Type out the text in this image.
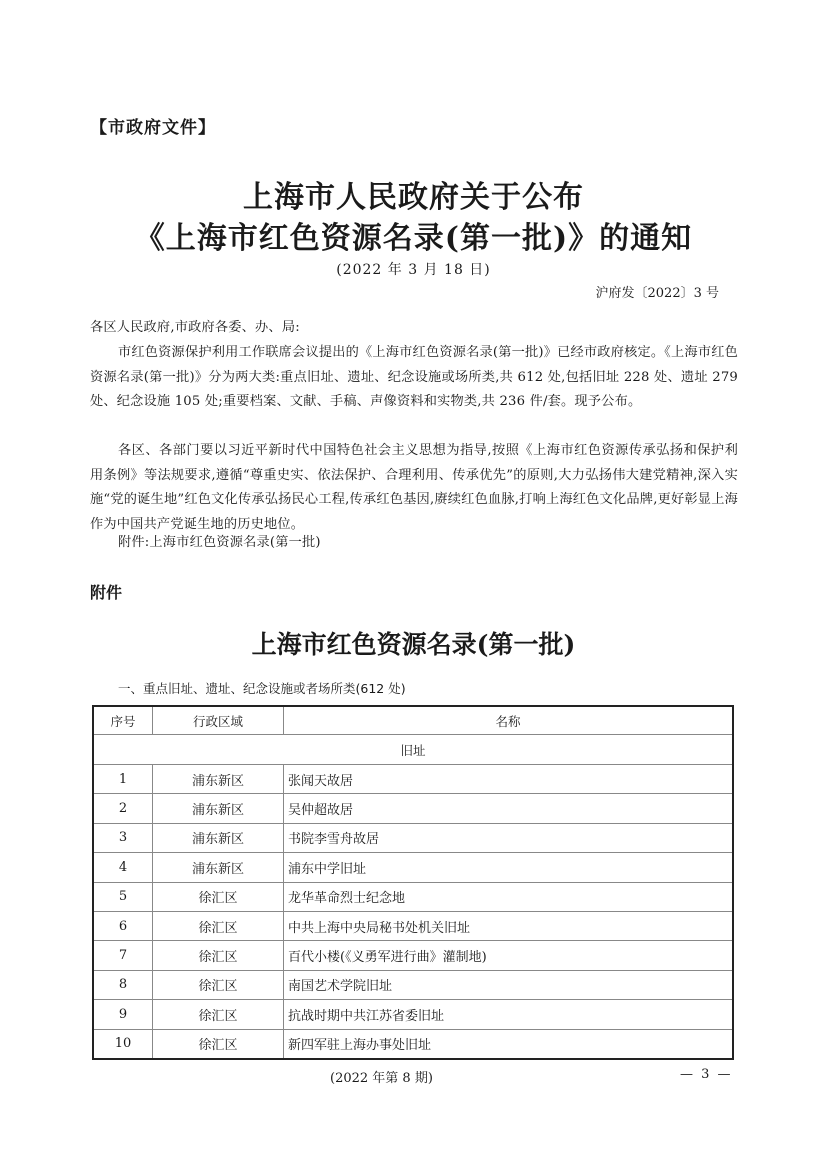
【市政府文件】
上海市人民政府关于公布
《上海市红色资源名录(第一批)》的通知
(2022 年 3 月 18 日)
沪府发〔2022〕3 号
各区人民政府,市政府各委、办、局:
市红色资源保护利用工作联席会议提出的《上海市红色资源名录(第一批)》已经市政府核定。《上海市红色资源名录(第一批)》分为两大类:重点旧址、遗址、纪念设施或场所类,共 612 处,包括旧址 228 处、遗址 279 处、纪念设施 105 处;重要档案、文献、手稿、声像资料和实物类,共 236 件/套。现予公布。
各区、各部门要以习近平新时代中国特色社会主义思想为指导,按照《上海市红色资源传承弘扬和保护利用条例》等法规要求,遵循“尊重史实、依法保护、合理利用、传承优先”的原则,大力弘扬伟大建党精神,深入实施“党的诞生地”红色文化传承弘扬民心工程,传承红色基因,赓续红色血脉,打响上海红色文化品牌,更好彰显上海作为中国共产党诞生地的历史地位。
附件:上海市红色资源名录(第一批)
附件
上海市红色资源名录(第一批)
一、重点旧址、遗址、纪念设施或者场所类(612 处)
序号	行政区域	名称
旧址		
1	浦东新区	张闻天故居
2	浦东新区	吴仲超故居
3	浦东新区	书院李雪舟故居
4	浦东新区	浦东中学旧址
5	徐汇区	龙华革命烈士纪念地
6	徐汇区	中共上海中央局秘书处机关旧址
7	徐汇区	百代小楼(《义勇军进行曲》灌制地)
8	徐汇区	南国艺术学院旧址
9	徐汇区	抗战时期中共江苏省委旧址
10	徐汇区	新四军驻上海办事处旧址
(2022 年第 8 期)	— 3 —
